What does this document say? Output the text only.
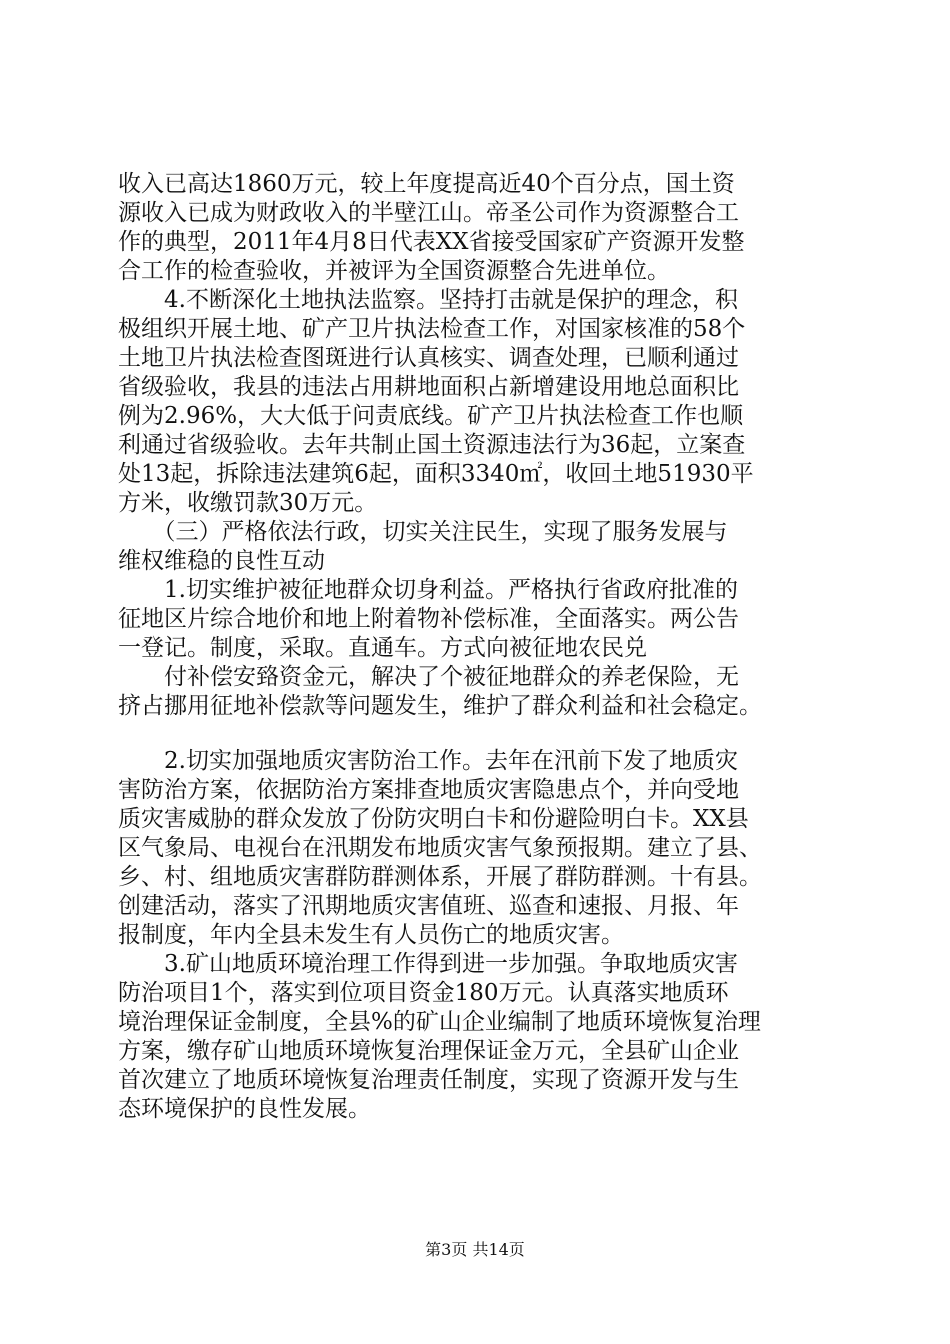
收入已高达1860万元，较上年度提高近40个百分点，国土资
源收入已成为财政收入的半壁江山。帝圣公司作为资源整合工
作的典型，2011年4月8日代表XX省接受国家矿产资源开发整
合工作的检查验收，并被评为全国资源整合先进单位。
　　4.不断深化土地执法监察。坚持打击就是保护的理念，积
极组织开展土地、矿产卫片执法检查工作，对国家核准的58个
土地卫片执法检查图斑进行认真核实、调查处理，已顺利通过
省级验收，我县的违法占用耕地面积占新增建设用地总面积比
例为2.96%，大大低于问责底线。矿产卫片执法检查工作也顺
利通过省级验收。去年共制止国土资源违法行为36起，立案查
处13起，拆除违法建筑6起，面积3340㎡，收回土地51930平
方米，收缴罚款30万元。
　　（三）严格依法行政，切实关注民生，实现了服务发展与
维权维稳的良性互动
　　1.切实维护被征地群众切身利益。严格执行省政府批准的
征地区片综合地价和地上附着物补偿标准，全面落实。两公告
一登记。制度，采取。直通车。方式向被征地农民兑
　　付补偿安臵资金元，解决了个被征地群众的养老保险，无
挤占挪用征地补偿款等问题发生，维护了群众利益和社会稳定。
　　2.切实加强地质灾害防治工作。去年在汛前下发了地质灾
害防治方案，依据防治方案排查地质灾害隐患点个，并向受地
质灾害威胁的群众发放了份防灾明白卡和份避险明白卡。XX县
区气象局、电视台在汛期发布地质灾害气象预报期。建立了县、
乡、村、组地质灾害群防群测体系，开展了群防群测。十有县。
创建活动，落实了汛期地质灾害值班、巡查和速报、月报、年
报制度，年内全县未发生有人员伤亡的地质灾害。
　　3.矿山地质环境治理工作得到进一步加强。争取地质灾害
防治项目1个，落实到位项目资金180万元。认真落实地质环
境治理保证金制度，全县%的矿山企业编制了地质环境恢复治理
方案，缴存矿山地质环境恢复治理保证金万元，全县矿山企业
首次建立了地质环境恢复治理责任制度，实现了资源开发与生
态环境保护的良性发展。
第3页 共14页
